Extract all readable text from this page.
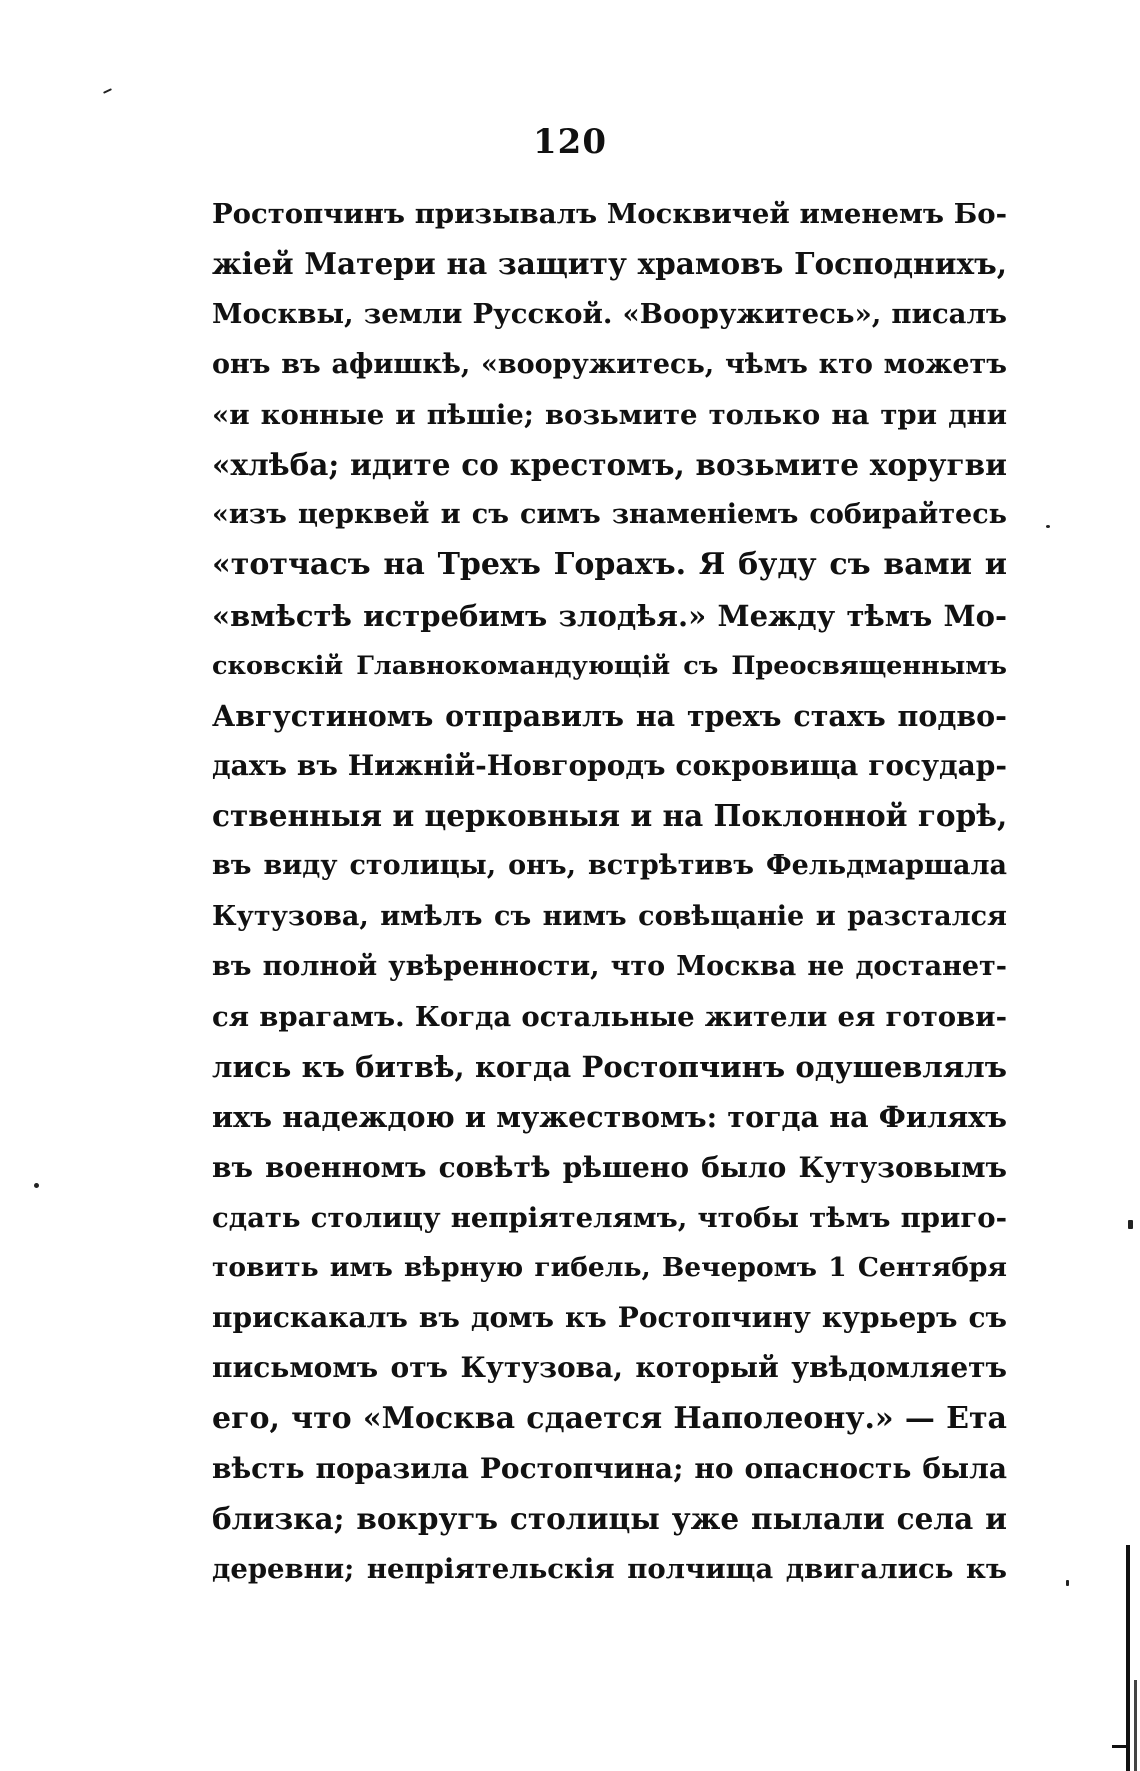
120
Ростопчинъ призывалъ Москвичей именемъ Бо-
жіей Матери на защиту храмовъ Господнихъ,
Москвы, земли Русской. «Вооружитесь», писалъ
онъ въ афишкѣ, «вооружитесь, чѣмъ кто можетъ
«и конные и пѣшіе; возьмите только на три дни
«хлѣба; идите со крестомъ, возьмите хоругви
«изъ церквей и съ симъ знаменіемъ собирайтесь
«тотчасъ на Трехъ Горахъ. Я буду съ вами и
«вмѣстѣ истребимъ злодѣя.» Между тѣмъ Мо-
сковскій Главнокомандующій съ Преосвященнымъ
Августиномъ отправилъ на трехъ стахъ подво-
дахъ въ Нижній-Новгородъ сокровища государ-
ственныя и церковныя и на Поклонной горѣ,
въ виду столицы, онъ, встрѣтивъ Фельдмаршала
Кутузова, имѣлъ съ нимъ совѣщаніе и разстался
въ полной увѣренности, что Москва не достанет-
ся врагамъ. Когда остальные жители ея готови-
лись къ битвѣ, когда Ростопчинъ одушевлялъ
ихъ надеждою и мужествомъ: тогда на Филяхъ
въ военномъ совѣтѣ рѣшено было Кутузовымъ
сдать столицу непріятелямъ, чтобы тѣмъ приго-
товить имъ вѣрную гибель, Вечеромъ 1 Сентября
прискакалъ въ домъ къ Ростопчину курьеръ съ
письмомъ отъ Кутузова, который увѣдомляетъ
его, что «Москва сдается Наполеону.» — Ета
вѣсть поразила Ростопчина; но опасность была
близка; вокругъ столицы уже пылали села и
деревни; непріятельскія полчища двигались къ
